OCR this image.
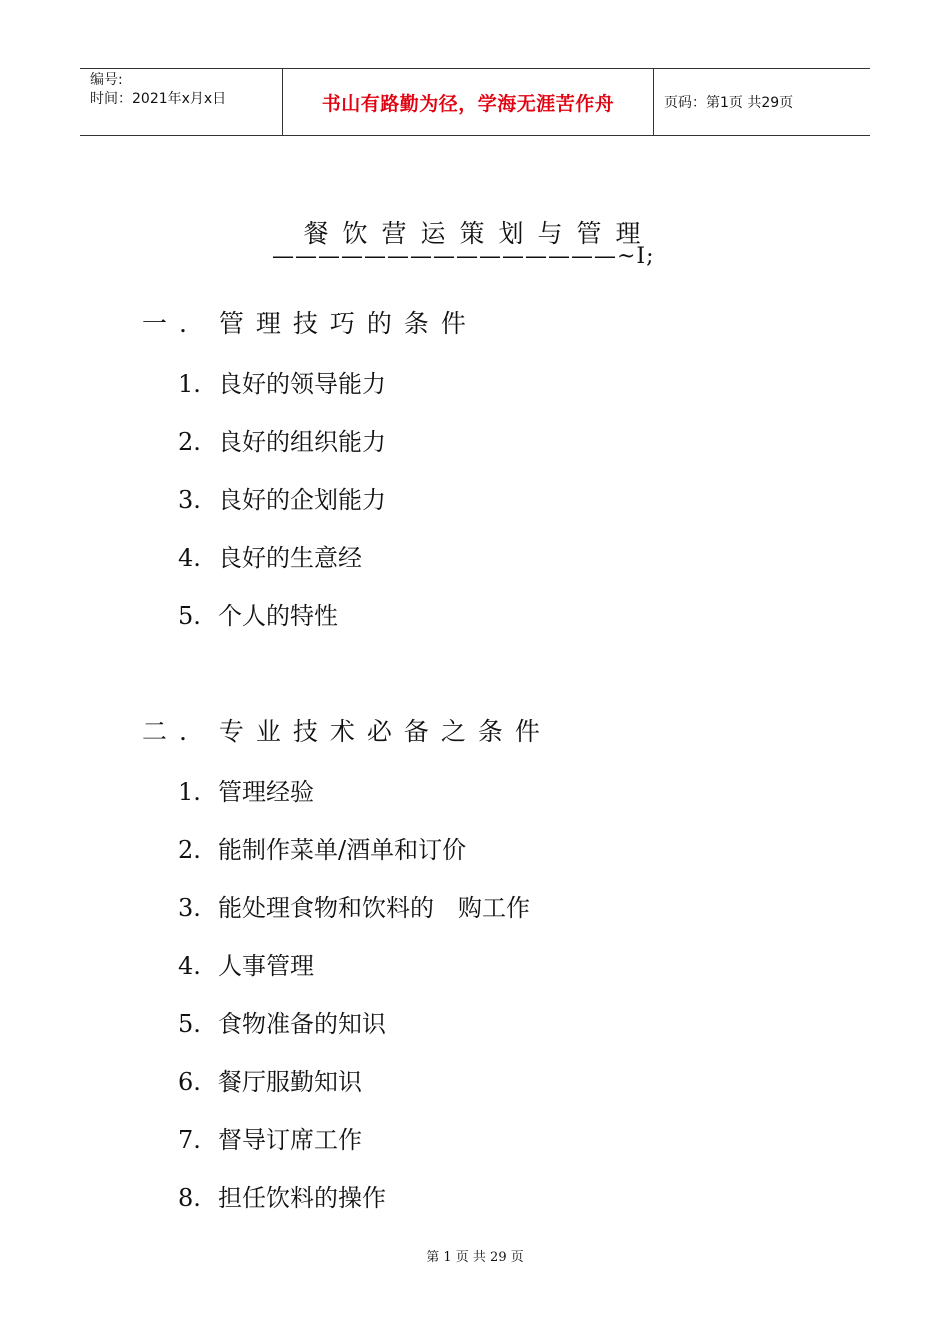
编号:
时间：2021年x月x日	书山有路勤为径，学海无涯苦作舟	页码：第1页 共29页
餐饮营运策划与管理
———————————————~I;
一. 管理技巧的条件
1. 良好的领导能力
2. 良好的组织能力
3. 良好的企划能力
4. 良好的生意经
5. 个人的特性
二. 专业技术必备之条件
1. 管理经验
2. 能制作菜单/酒单和订价
3. 能处理食物和饮料的　购工作
4. 人事管理
5. 食物准备的知识
6. 餐厅服勤知识
7. 督导订席工作
8. 担任饮料的操作
第 1 页 共 29 页
